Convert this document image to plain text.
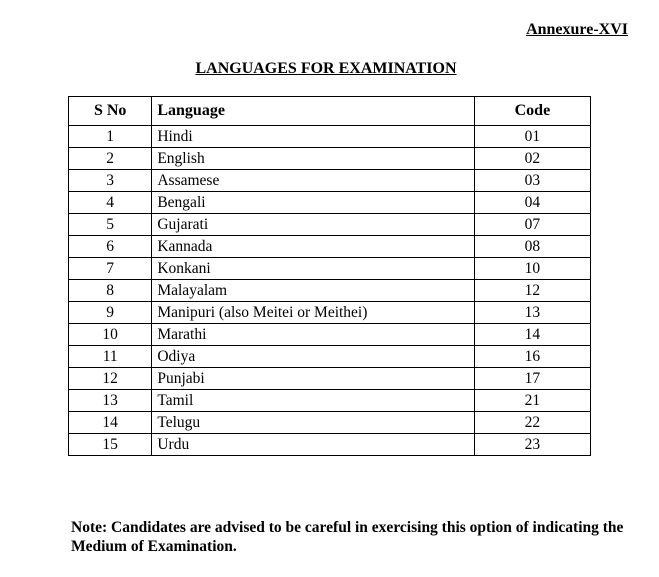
Annexure-XVI
LANGUAGES FOR EXAMINATION
S No	Language	Code
1	Hindi	01
2	English	02
3	Assamese	03
4	Bengali	04
5	Gujarati	07
6	Kannada	08
7	Konkani	10
8	Malayalam	12
9	Manipuri (also Meitei or Meithei)	13
10	Marathi	14
11	Odiya	16
12	Punjabi	17
13	Tamil	21
14	Telugu	22
15	Urdu	23
Note: Candidates are advised to be careful in exercising this option of indicating the Medium of Examination.
